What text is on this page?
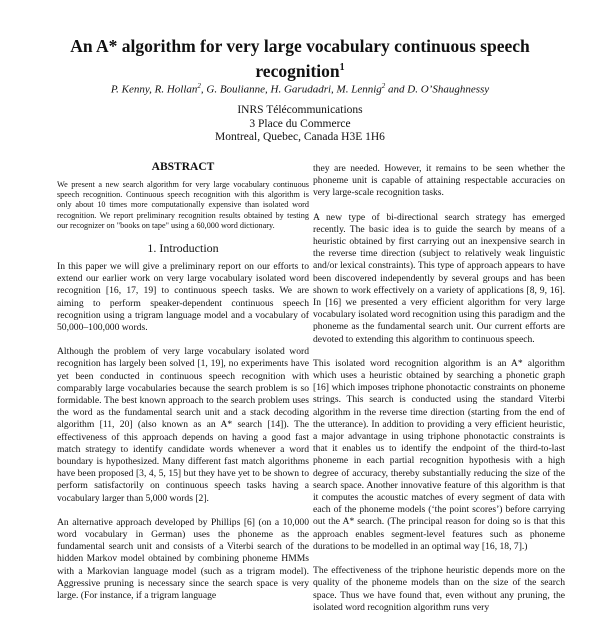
An A* algorithm for very large vocabulary continuous speech
recognition$^1$
P. Kenny, R. Hollan$^2$, G. Boulianne, H. Garudadri, M. Lennig$^2$ and D. O’Shaughnessy
INRS Télécommunications
3 Place du Commerce
Montreal, Quebec, Canada H3E 1H6
ABSTRACT

We present a new search algorithm for very large vocabulary continuous speech recognition. Continuous speech recognition with this algorithm is only about 10 times more computationally expensive than isolated word recognition. We report preliminary recognition results obtained by testing our recognizer on "books on tape" using a 60,000 word dictionary.

1. Introduction

In this paper we will give a preliminary report on our efforts to extend our earlier work on very large vocabulary isolated word recognition [16, 17, 19] to continuous speech tasks. We are aiming to perform speaker-dependent continuous speech recognition using a trigram language model and a vocabulary of 50,000–100,000 words.

Although the problem of very large vocabulary isolated word recognition has largely been solved [1, 19], no experiments have yet been conducted in continuous speech recognition with comparably large vocabularies because the search problem is so formidable. The best known approach to the search problem uses the word as the fundamental search unit and a stack decoding algorithm [11, 20] (also known as an A* search [14]). The effectiveness of this approach depends on having a good fast match strategy to identify candidate words whenever a word boundary is hypothesized. Many different fast match algorithms have been proposed [3, 4, 5, 15] but they have yet to be shown to perform satisfactorily on continuous speech tasks having a vocabulary larger than 5,000 words [2].

An alternative approach developed by Phillips [6] (on a 10,000 word vocabulary in German) uses the phoneme as the fundamental search unit and consists of a Viterbi search of the hidden Markov model obtained by combining phoneme HMMs with a Markovian language model (such as a trigram model). Aggressive pruning is necessary since the search space is very large. (For instance, if a trigram language

they are needed. However, it remains to be seen whether the phoneme unit is capable of attaining respectable accuracies on very large-scale recognition tasks.

A new type of bi-directional search strategy has emerged recently. The basic idea is to guide the search by means of a heuristic obtained by first carrying out an inexpensive search in the reverse time direction (subject to relatively weak linguistic and/or lexical constraints). This type of approach appears to have been discovered independently by several groups and has been shown to work effectively on a variety of applications [8, 9, 16]. In [16] we presented a very efficient algorithm for very large vocabulary isolated word recognition using this paradigm and the phoneme as the fundamental search unit. Our current efforts are devoted to extending this algorithm to continuous speech.

This isolated word recognition algorithm is an A* algorithm which uses a heuristic obtained by searching a phonetic graph [16] which imposes triphone phonotactic constraints on phoneme strings. This search is conducted using the standard Viterbi algorithm in the reverse time direction (starting from the end of the utterance). In addition to providing a very efficient heuristic, a major advantage in using triphone phonotactic constraints is that it enables us to identify the endpoint of the third-to-last phoneme in each partial recognition hypothesis with a high degree of accuracy, thereby substantially reducing the size of the search space. Another innovative feature of this algorithm is that it computes the acoustic matches of every segment of data with each of the phoneme models (‘the point scores’) before carrying out the A* search. (The principal reason for doing so is that this approach enables segment-level features such as phoneme durations to be modelled in an optimal way [16, 18, 7].)

The effectiveness of the triphone heuristic depends more on the quality of the phoneme models than on the size of the search space. Thus we have found that, even without any pruning, the isolated word recognition algorithm runs very
